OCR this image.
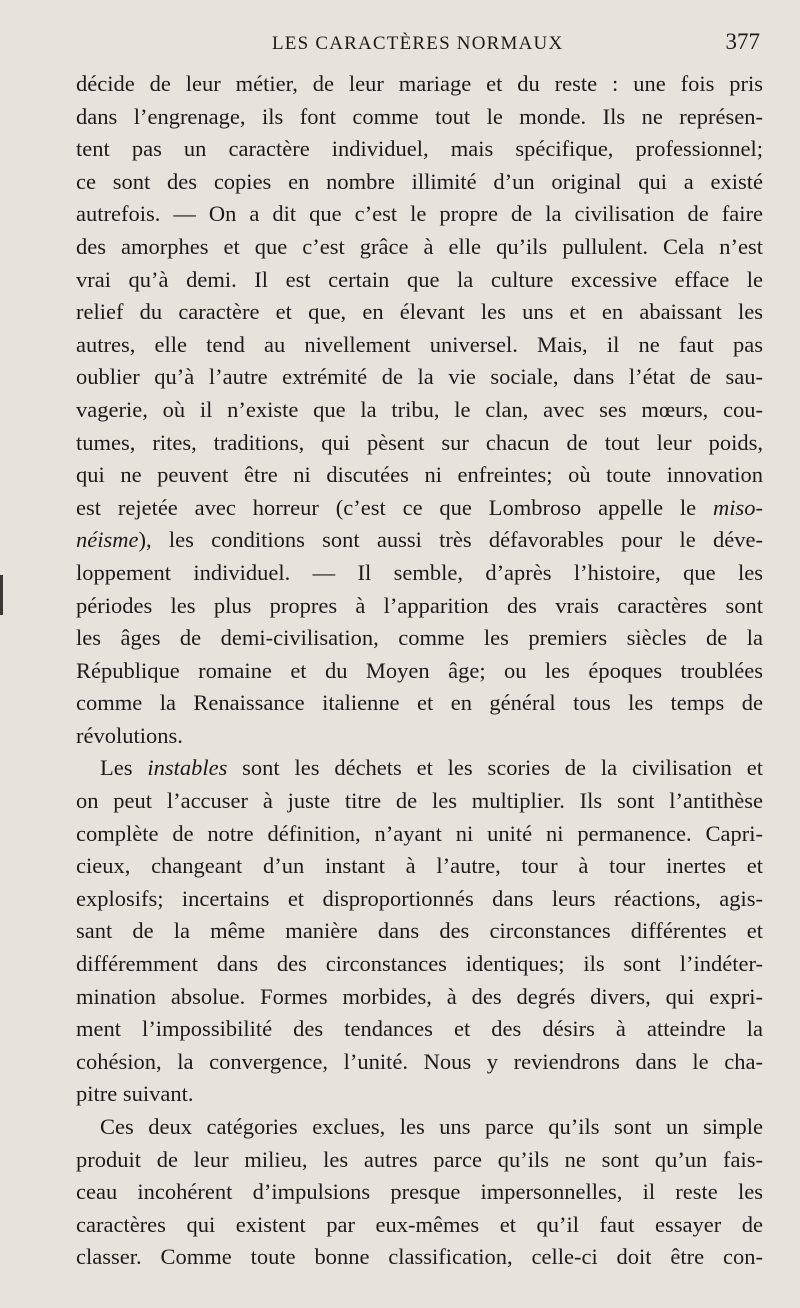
LES CARACTÈRES NORMAUX	377
décide de leur métier, de leur mariage et du reste : une fois pris
dans l’engrenage, ils font comme tout le monde. Ils ne représen-
tent pas un caractère individuel, mais spécifique, professionnel;
ce sont des copies en nombre illimité d’un original qui a existé
autrefois. — On a dit que c’est le propre de la civilisation de faire
des amorphes et que c’est grâce à elle qu’ils pullulent. Cela n’est
vrai qu’à demi. Il est certain que la culture excessive efface le
relief du caractère et que, en élevant les uns et en abaissant les
autres, elle tend au nivellement universel. Mais, il ne faut pas
oublier qu’à l’autre extrémité de la vie sociale, dans l’état de sau-
vagerie, où il n’existe que la tribu, le clan, avec ses mœurs, cou-
tumes, rites, traditions, qui pèsent sur chacun de tout leur poids,
qui ne peuvent être ni discutées ni enfreintes; où toute innovation
est rejetée avec horreur (c’est ce que Lombroso appelle le miso-
néisme), les conditions sont aussi très défavorables pour le déve-
loppement individuel. — Il semble, d’après l’histoire, que les
périodes les plus propres à l’apparition des vrais caractères sont
les âges de demi-civilisation, comme les premiers siècles de la
République romaine et du Moyen âge; ou les époques troublées
comme la Renaissance italienne et en général tous les temps de
révolutions.
Les instables sont les déchets et les scories de la civilisation et
on peut l’accuser à juste titre de les multiplier. Ils sont l’antithèse
complète de notre définition, n’ayant ni unité ni permanence. Capri-
cieux, changeant d’un instant à l’autre, tour à tour inertes et
explosifs; incertains et disproportionnés dans leurs réactions, agis-
sant de la même manière dans des circonstances différentes et
différemment dans des circonstances identiques; ils sont l’indéter-
mination absolue. Formes morbides, à des degrés divers, qui expri-
ment l’impossibilité des tendances et des désirs à atteindre la
cohésion, la convergence, l’unité. Nous y reviendrons dans le cha-
pitre suivant.
Ces deux catégories exclues, les uns parce qu’ils sont un simple
produit de leur milieu, les autres parce qu’ils ne sont qu’un fais-
ceau incohérent d’impulsions presque impersonnelles, il reste les
caractères qui existent par eux-mêmes et qu’il faut essayer de
classer. Comme toute bonne classification, celle-ci doit être con-
